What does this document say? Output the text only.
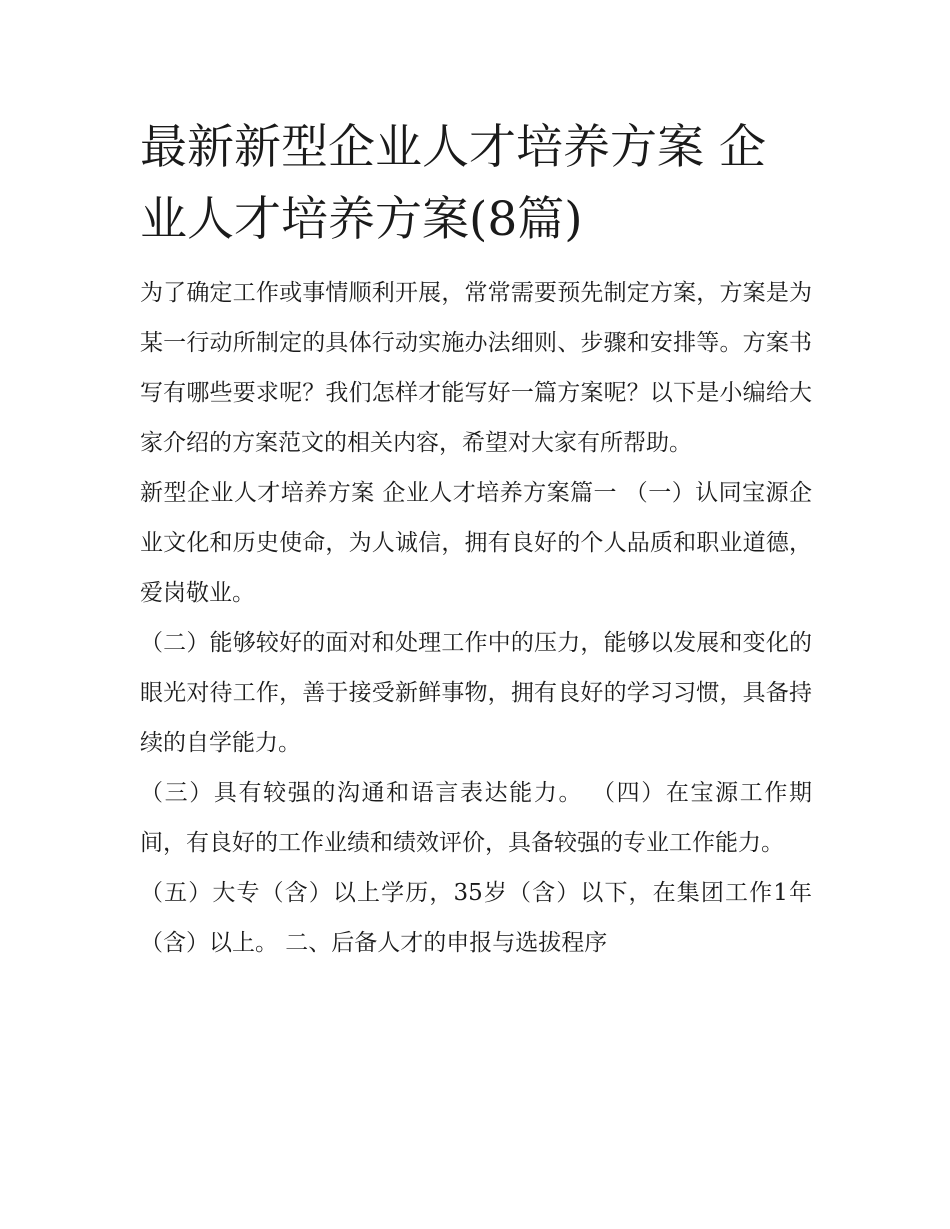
最新新型企业人才培养方案 企业人才培养方案(8篇)

为了确定工作或事情顺利开展，常常需要预先制定方案，方案是为某一行动所制定的具体行动实施办法细则、步骤和安排等。方案书写有哪些要求呢？我们怎样才能写好一篇方案呢？以下是小编给大家介绍的方案范文的相关内容，希望对大家有所帮助。

新型企业人才培养方案 企业人才培养方案篇一 （一）认同宝源企业文化和历史使命，为人诚信，拥有良好的个人品质和职业道德，爱岗敬业。

（二）能够较好的面对和处理工作中的压力，能够以发展和变化的眼光对待工作，善于接受新鲜事物，拥有良好的学习习惯，具备持续的自学能力。

（三）具有较强的沟通和语言表达能力。 （四）在宝源工作期间，有良好的工作业绩和绩效评价，具备较强的专业工作能力。

（五）大专（含）以上学历，35岁（含）以下，在集团工作1年（含）以上。 二、后备人才的申报与选拔程序
